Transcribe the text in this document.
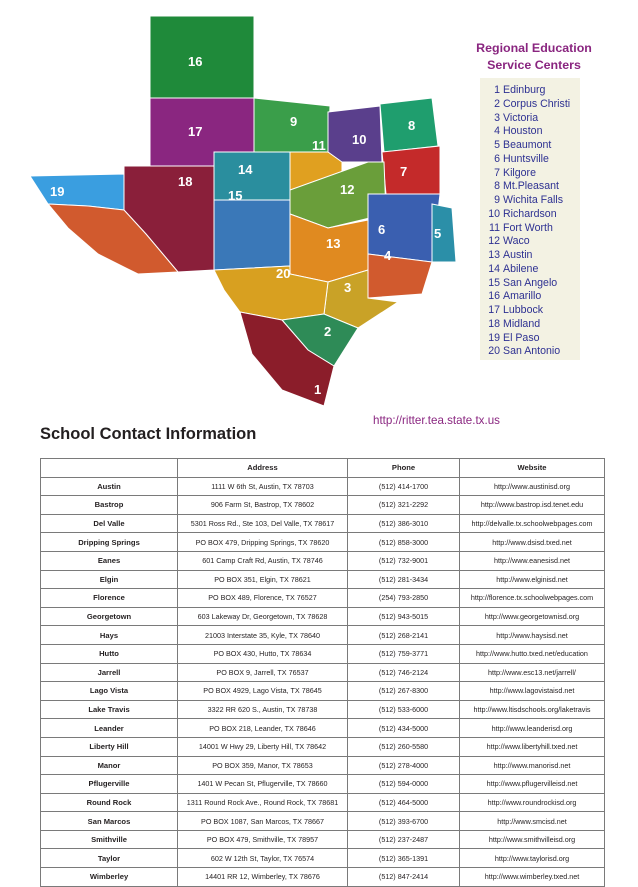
16
17
9
10
8
11
7
14
18
19	12
15
6	5
13
4
20
3
2
1
Regional Education
Service Centers
1 Edinburg
2 Corpus Christi
3 Victoria
4 Houston
5 Beaumont
6 Huntsville
7 Kilgore
8 Mt.Pleasant
9 Wichita Falls
10 Richardson
11 Fort Worth
12 Waco
13 Austin
14 Abilene
15 San Angelo
16 Amarillo
17 Lubbock
18 Midland
19 El Paso
20 San Antonio
http://ritter.tea.state.tx.us
School Contact Information
	Address	Phone	Website
Austin	1111 W 6th St, Austin, TX 78703	(512) 414-1700	http://www.austinisd.org
Bastrop	906 Farm St, Bastrop, TX 78602	(512) 321-2292	http://www.bastrop.isd.tenet.edu
Del Valle	5301 Ross Rd., Ste 103, Del Valle, TX 78617	(512) 386-3010	http://delvalle.tx.schoolwebpages.com
Dripping Springs	PO BOX 479, Dripping Springs, TX 78620	(512) 858-3000	http://www.dsisd.txed.net
Eanes	601 Camp Craft Rd, Austin, TX 78746	(512) 732-9001	http://www.eanesisd.net
Elgin	PO BOX 351, Elgin, TX 78621	(512) 281-3434	http://www.elginisd.net
Florence	PO BOX 489, Florence, TX 76527	(254) 793-2850	http://florence.tx.schoolwebpages.com
Georgetown	603 Lakeway Dr, Georgetown, TX 78628	(512) 943-5015	http://www.georgetownisd.org
Hays	21003 Interstate 35, Kyle, TX 78640	(512) 268-2141	http://www.haysisd.net
Hutto	PO BOX 430, Hutto, TX 78634	(512) 759-3771	http://www.hutto.txed.net/education
Jarrell	PO BOX 9, Jarrell, TX 76537	(512) 746-2124	http://www.esc13.net/jarrell/
Lago Vista	PO BOX 4929, Lago Vista, TX 78645	(512) 267-8300	http://www.lagovistaisd.net
Lake Travis	3322 RR 620 S., Austin, TX 78738	(512) 533-6000	http://www.ltisdschools.org/laketravis
Leander	PO BOX 218, Leander, TX 78646	(512) 434-5000	http://www.leanderisd.org
Liberty Hill	14001 W Hwy 29, Liberty Hill, TX 78642	(512) 260-5580	http://www.libertyhill.txed.net
Manor	PO BOX 359, Manor, TX 78653	(512) 278-4000	http://www.manorisd.net
Pflugerville	1401 W Pecan St, Pflugerville, TX 78660	(512) 594-0000	http://www.pflugervilleisd.net
Round Rock	1311 Round Rock Ave., Round Rock, TX 78681	(512) 464-5000	http://www.roundrockisd.org
San Marcos	PO BOX 1087, San Marcos, TX 78667	(512) 393-6700	http://www.smcisd.net
Smithville	PO BOX 479, Smithville, TX 78957	(512) 237-2487	http://www.smithvilleisd.org
Taylor	602 W 12th St, Taylor, TX 76574	(512) 365-1391	http://www.taylorisd.org
Wimberley	14401 RR 12, Wimberley, TX 78676	(512) 847-2414	http://www.wimberley.txed.net
